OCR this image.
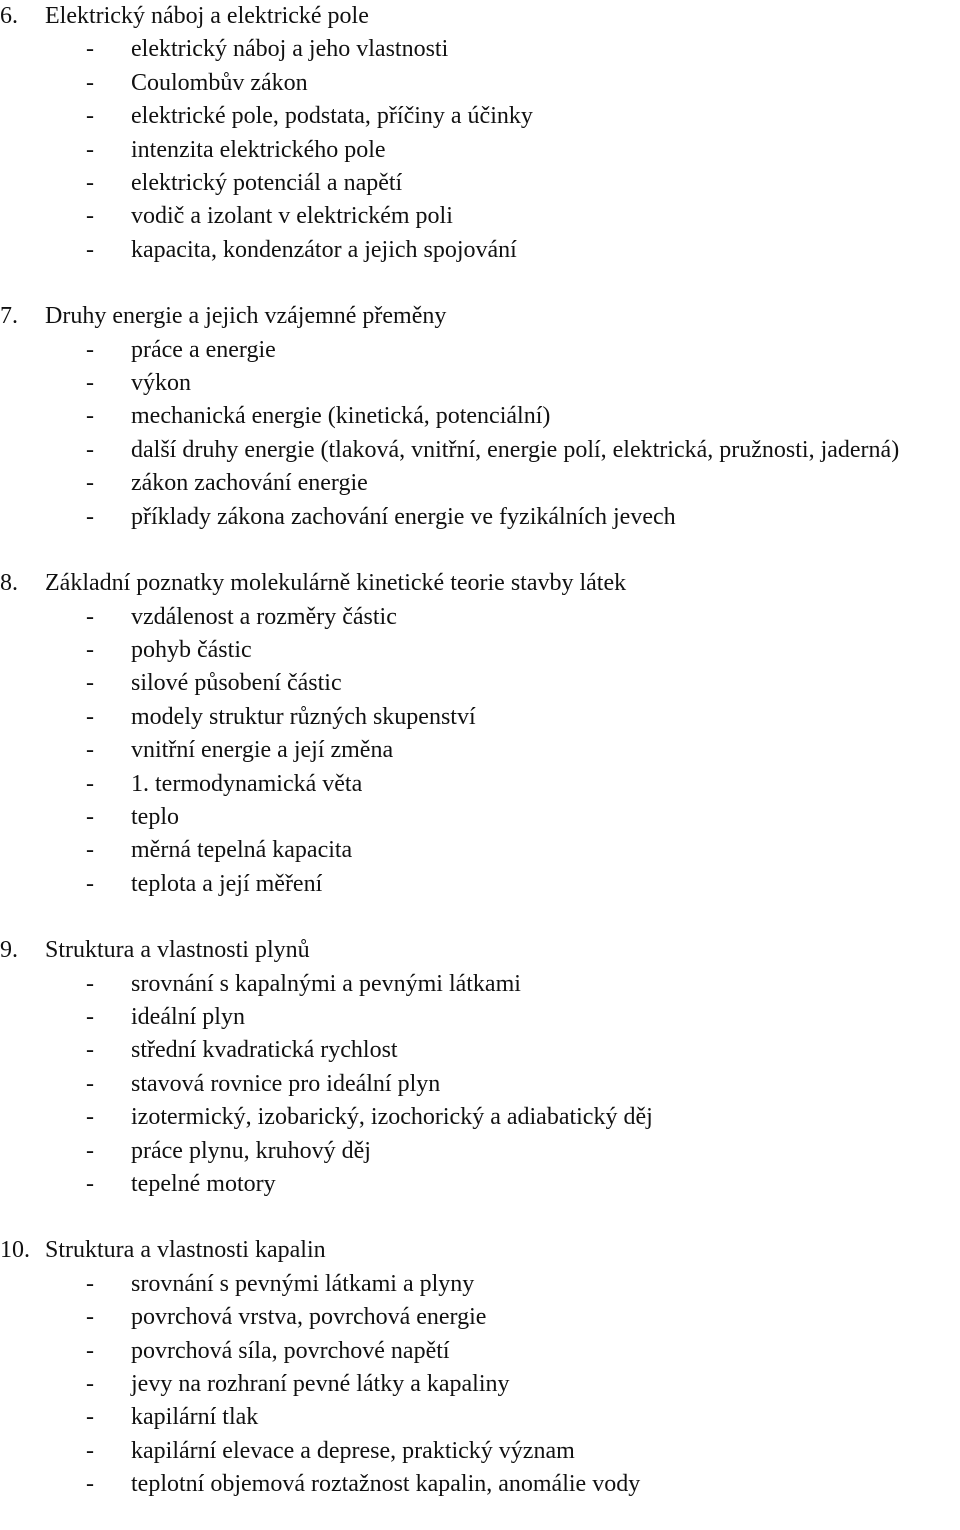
6.	Elektrický náboj a elektrické pole
-	elektrický náboj a jeho vlastnosti
-	Coulombův zákon
-	elektrické pole, podstata, příčiny a účinky
-	intenzita elektrického pole
-	elektrický potenciál a napětí
-	vodič a izolant v elektrickém poli
-	kapacita, kondenzátor a jejich spojování
7.	Druhy energie a jejich vzájemné přeměny
-	práce a energie
-	výkon
-	mechanická energie (kinetická, potenciální)
-	další druhy energie (tlaková, vnitřní, energie polí, elektrická, pružnosti, jaderná)
-	zákon zachování energie
-	příklady zákona zachování energie ve fyzikálních jevech
8.	Základní poznatky molekulárně kinetické teorie stavby látek
-	vzdálenost a rozměry částic
-	pohyb částic
-	silové působení částic
-	modely struktur různých skupenství
-	vnitřní energie a její změna
-	1. termodynamická věta
-	teplo
-	měrná tepelná kapacita
-	teplota a její měření
9.	Struktura a vlastnosti plynů
-	srovnání s kapalnými a pevnými látkami
-	ideální plyn
-	střední kvadratická rychlost
-	stavová rovnice pro ideální plyn
-	izotermický, izobarický, izochorický a adiabatický děj
-	práce plynu, kruhový děj
-	tepelné motory
10. Struktura a vlastnosti kapalin
-	srovnání s pevnými látkami a plyny
-	povrchová vrstva, povrchová energie
-	povrchová síla, povrchové napětí
-	jevy na rozhraní pevné látky a kapaliny
-	kapilární tlak
-	kapilární elevace a deprese, praktický význam
-	teplotní objemová roztažnost kapalin, anomálie vody
